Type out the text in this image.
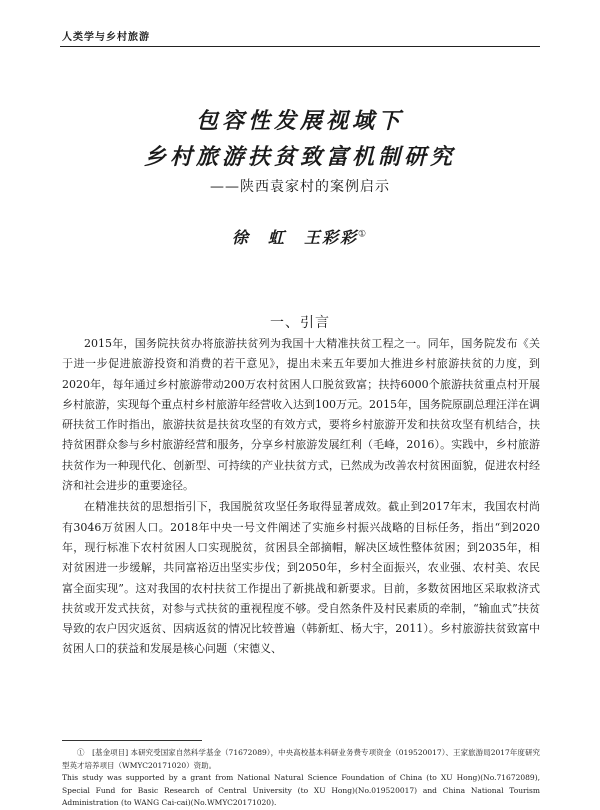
人类学与乡村旅游
包容性发展视域下
乡村旅游扶贫致富机制研究
——陕西袁家村的案例启示
徐　虹　王彩彩①
一、引言

2015年，国务院扶贫办将旅游扶贫列为我国十大精准扶贫工程之一。同年，国务院发布《关于进一步促进旅游投资和消费的若干意见》，提出未来五年要加大推进乡村旅游扶贫的力度，到2020年，每年通过乡村旅游带动200万农村贫困人口脱贫致富；扶持6000个旅游扶贫重点村开展乡村旅游，实现每个重点村乡村旅游年经营收入达到100万元。2015年，国务院原副总理汪洋在调研扶贫工作时指出，旅游扶贫是扶贫攻坚的有效方式，要将乡村旅游开发和扶贫攻坚有机结合，扶持贫困群众参与乡村旅游经营和服务，分享乡村旅游发展红利（毛峰，2016）。实践中，乡村旅游扶贫作为一种现代化、创新型、可持续的产业扶贫方式，已然成为改善农村贫困面貌，促进农村经济和社会进步的重要途径。

在精准扶贫的思想指引下，我国脱贫攻坚任务取得显著成效。截止到2017年末，我国农村尚有3046万贫困人口。2018年中央一号文件阐述了实施乡村振兴战略的目标任务，指出“到2020年，现行标准下农村贫困人口实现脱贫，贫困县全部摘帽，解决区域性整体贫困；到2035年，相对贫困进一步缓解，共同富裕迈出坚实步伐；到2050年，乡村全面振兴，农业强、农村美、农民富全面实现”。这对我国的农村扶贫工作提出了新挑战和新要求。目前，多数贫困地区采取救济式扶贫或开发式扶贫，对参与式扶贫的重视程度不够。受自然条件及村民素质的牵制，“输血式”扶贫导致的农户因灾返贫、因病返贫的情况比较普遍（韩新虹、杨大宇，2011）。乡村旅游扶贫致富中贫困人口的获益和发展是核心问题（宋德义、

①　[基金项目] 本研究受国家自然科学基金（71672089），中央高校基本科研业务费专项资金（019520017）、王家旅游局2017年度研究型英才培养项目（WMYC20171020）资助。

This study was supported by a grant from National Natural Science Foundation of China (to XU Hong)(No.71672089), Special Fund for Basic Research of Central University (to XU Hong)(No.019520017) and China National Tourism Administration (to WANG Cai-cai)(No.WMYC20171020).
